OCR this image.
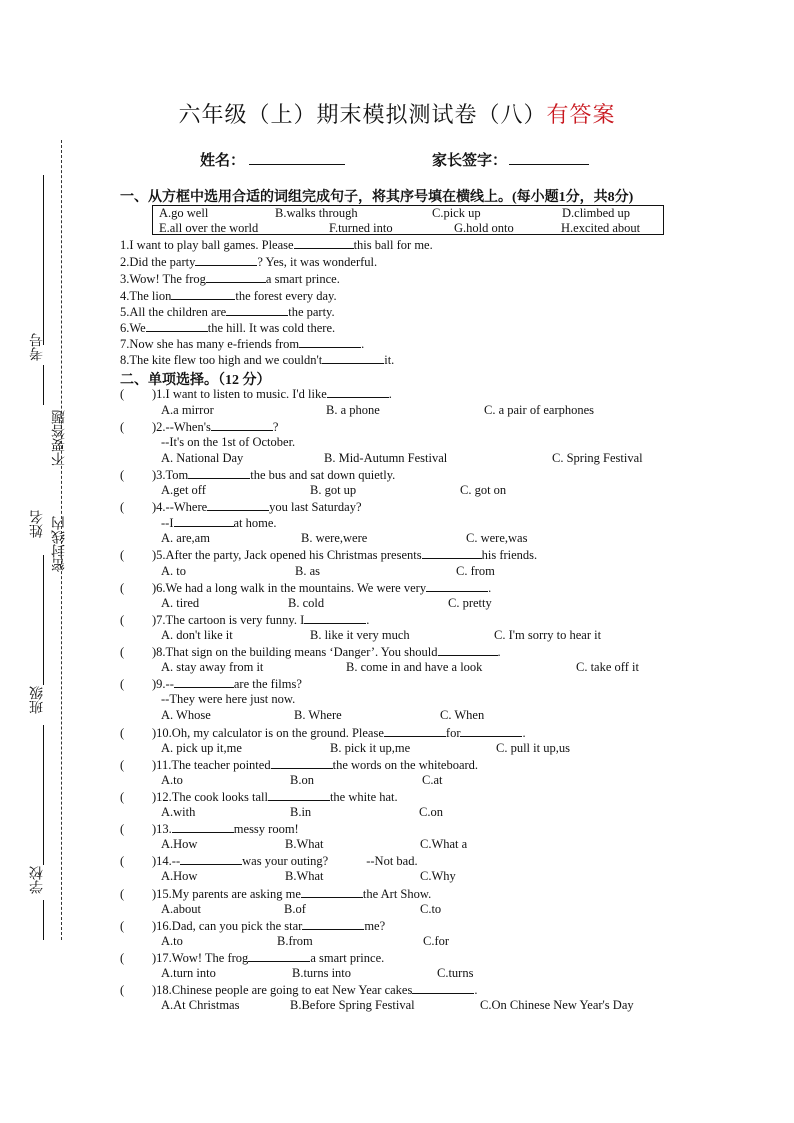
考号
不要答题
姓名 密封线内
班级
学校
六年级（上）期末模拟测试卷（八）有答案
姓名：	家长签字：
一、从方框中选用合适的词组完成句子，将其序号填在横线上。(每小题1分，共8分)
A.go well	B.walks through	C.pick up	D.climbed up
E.all over the world	F.turned into	G.hold onto	H.excited about
1.I want to play ball games. Please	this ball for me.
2.Did the party	? Yes, it was wonderful.
3.Wow! The frog	a smart prince.
4.The lion	the forest every day.
5.All the children are	the party.
6.We	the hill. It was cold there.
7.Now she has many e-friends from	.
8.The kite flew too high and we couldn't	it.
二、单项选择。（12 分）
( )1.I want to listen to music. I'd like	.
A.a mirror	B. a phone	C. a pair of earphones
( )2.--When's	?
--It's on the 1st of October.
A. National Day	B. Mid-Autumn Festival	C. Spring Festival
( )3.Tom	the bus and sat down quietly.
A.get off	B. got up	C. got on
( )4.--Where	you last Saturday?
--I	at home.
A. are,am	B. were,were	C. were,was
( )5.After the party, Jack opened his Christmas presents	his friends.
A. to	B. as	C. from
( )6.We had a long walk in the mountains. We were very	.
A. tired	B. cold	C. pretty
( )7.The cartoon is very funny. I	.
A. don't like it	B. like it very much	C. I'm sorry to hear it
( )8.That sign on the building means ‘Danger’. You should	.
A. stay away from it	B. come in and have a look	C. take off it
( )9.--	are the films?
--They were here just now.
A. Whose	B. Where	C. When
( )10.Oh, my calculator is on the ground. Please	for	.
A. pick up it,me	B. pick it up,me	C. pull it up,us
( )11.The teacher pointed	the words on the whiteboard.
A.to	B.on	C.at
( )12.The cook looks tall	the white hat.
A.with	B.in	C.on
( )13.	messy room!
A.How	B.What	C.What a
( )14.--	was your outing?	--Not bad.
A.How	B.What	C.Why
( )15.My parents are asking me	the Art Show.
A.about	B.of	C.to
( )16.Dad, can you pick the star	me?
A.to	B.from	C.for
( )17.Wow! The frog	a smart prince.
A.turn into	B.turns into	C.turns
( )18.Chinese people are going to eat New Year cakes	.
A.At Christmas	B.Before Spring Festival	C.On Chinese New Year's Day
